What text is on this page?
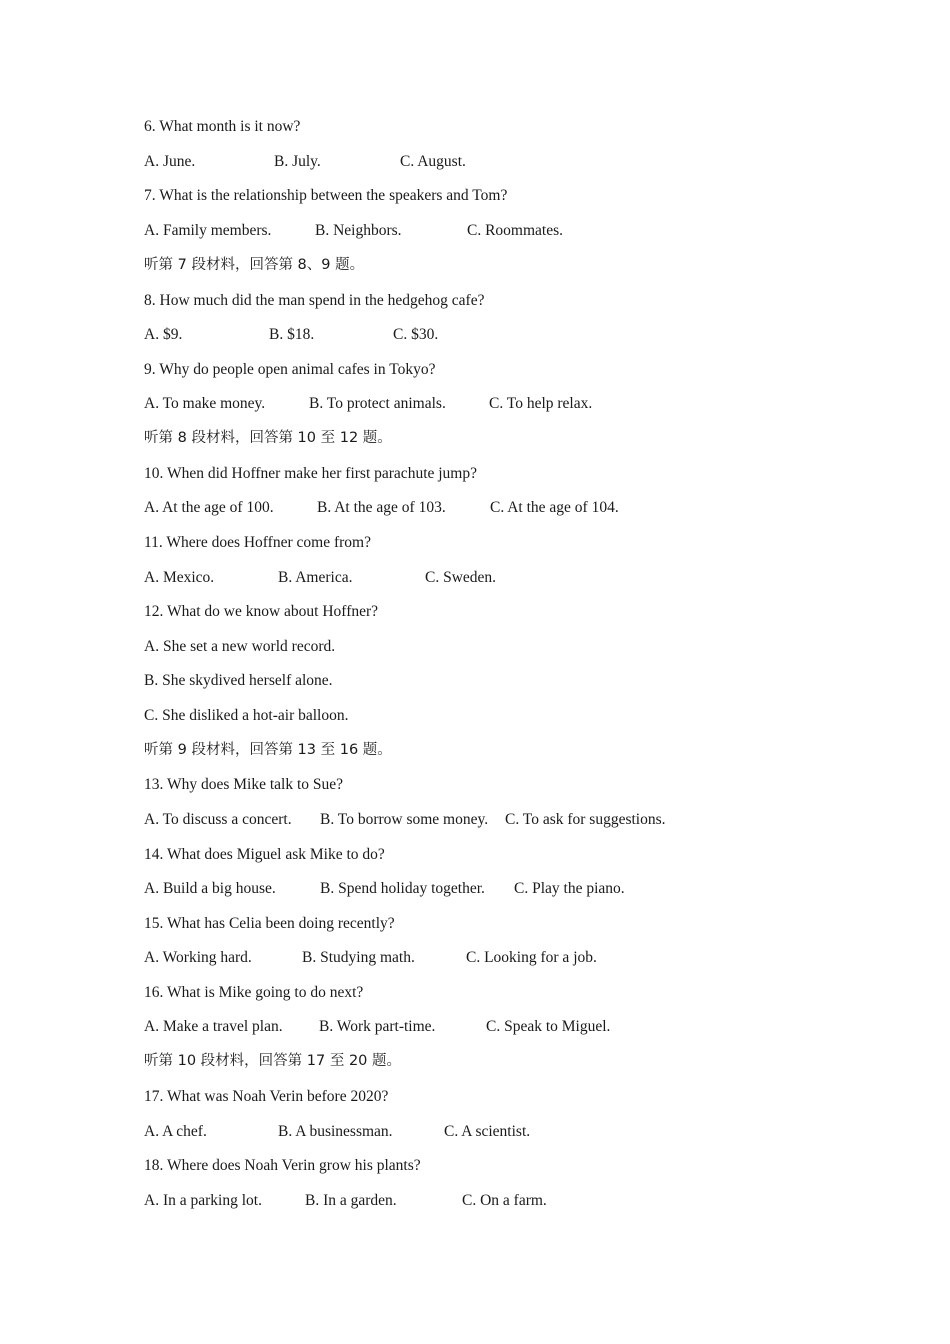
6. What month is it now?
A. June.	B. July.	C. August.
7. What is the relationship between the speakers and Tom?
A. Family members.	B. Neighbors.	C. Roommates.
听第 7 段材料，回答第 8、9 题。
8. How much did the man spend in the hedgehog cafe?
A. $9.	B. $18.	C. $30.
9. Why do people open animal cafes in Tokyo?
A. To make money.	B. To protect animals.	C. To help relax.
听第 8 段材料，回答第 10 至 12 题。
10. When did Hoffner make her first parachute jump?
A. At the age of 100.	B. At the age of 103.	C. At the age of 104.
11. Where does Hoffner come from?
A. Mexico.	B. America.	C. Sweden.
12. What do we know about Hoffner?
A. She set a new world record.
B. She skydived herself alone.
C. She disliked a hot-air balloon.
听第 9 段材料，回答第 13 至 16 题。
13. Why does Mike talk to Sue?
A. To discuss a concert. B. To borrow some money. C. To ask for suggestions.
14. What does Miguel ask Mike to do?
A. Build a big house.	B. Spend holiday together. C. Play the piano.
15. What has Celia been doing recently?
A. Working hard.	B. Studying math.	C. Looking for a job.
16. What is Mike going to do next?
A. Make a travel plan. B. Work part-time.	C. Speak to Miguel.
听第 10 段材料，回答第 17 至 20 题。
17. What was Noah Verin before 2020?
A. A chef.	B. A businessman.	C. A scientist.
18. Where does Noah Verin grow his plants?
A. In a parking lot.	B. In a garden.	C. On a farm.
